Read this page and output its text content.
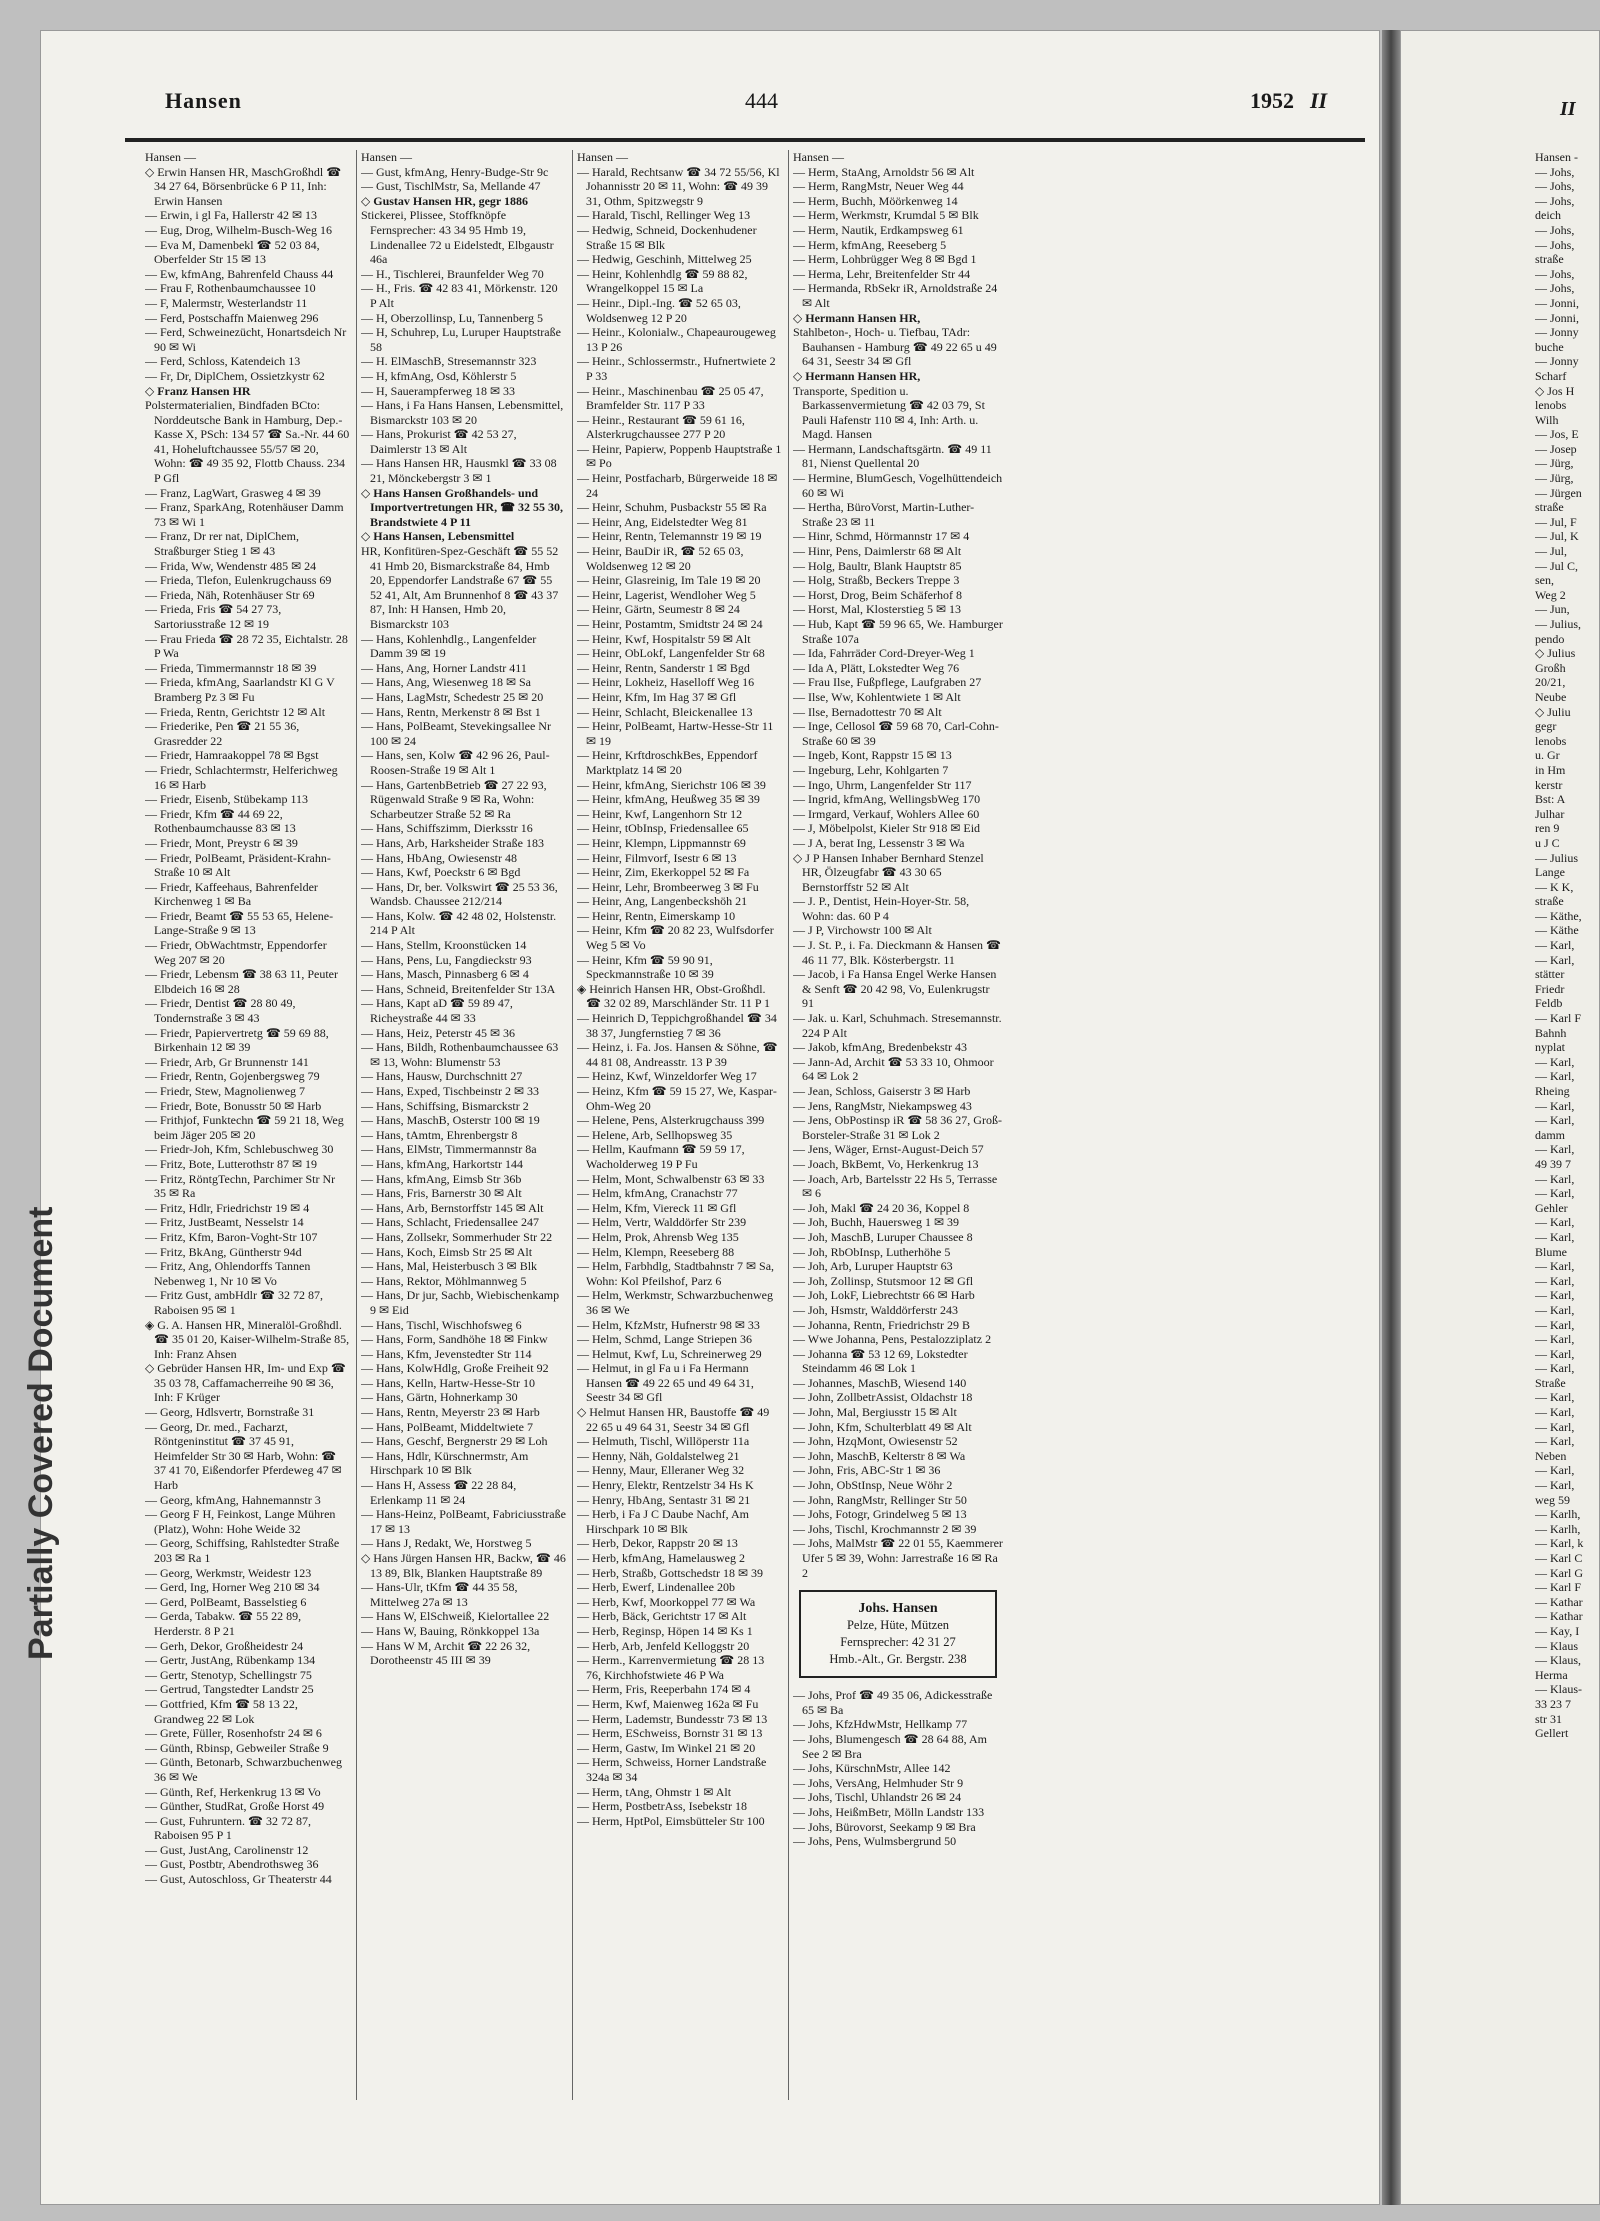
Partially Covered Document
Hansen	444	1952 II
Hansen —
◇ Erwin Hansen HR, MaschGroßhdl ☎ 34 27 64, Börsenbrücke 6 P 11, Inh: Erwin Hansen
— Erwin, i gl Fa, Hallerstr 42 ✉ 13
— Eug, Drog, Wilhelm-Busch-Weg 16
— Eva M, Damenbekl ☎ 52 03 84, Oberfelder Str 15 ✉ 13
— Ew, kfmAng, Bahrenfeld Chauss 44
— Frau F, Rothenbaumchaussee 10
— F, Malermstr, Westerlandstr 11
— Ferd, Postschaffn Maienweg 296
— Ferd, Schweinezücht, Honartsdeich Nr 90 ✉ Wi
— Ferd, Schloss, Katendeich 13
— Fr, Dr, DiplChem, Ossietzkystr 62
◇ Franz Hansen HR
Polstermaterialien, Bindfaden BCto: Norddeutsche Bank in Hamburg, Dep.-Kasse X, PSch: 134 57 ☎ Sa.-Nr. 44 60 41, Hoheluftchaussee 55/57 ✉ 20, Wohn: ☎ 49 35 92, Flottb Chauss. 234 P Gfl
— Franz, LagWart, Grasweg 4 ✉ 39
— Franz, SparkAng, Rotenhäuser Damm 73 ✉ Wi 1
— Franz, Dr rer nat, DiplChem, Straßburger Stieg 1 ✉ 43
— Frida, Ww, Wendenstr 485 ✉ 24
— Frieda, Tlefon, Eulenkrugchauss 69
— Frieda, Näh, Rotenhäuser Str 69
— Frieda, Fris ☎ 54 27 73, Sartoriusstraße 12 ✉ 19
— Frau Frieda ☎ 28 72 35, Eichtalstr. 28 P Wa
— Frieda, Timmermannstr 18 ✉ 39
— Frieda, kfmAng, Saarlandstr Kl G V Bramberg Pz 3 ✉ Fu
— Frieda, Rentn, Gerichtstr 12 ✉ Alt
— Friederike, Pen ☎ 21 55 36, Grasredder 22
— Friedr, Hamraakoppel 78 ✉ Bgst
— Friedr, Schlachtermstr, Helferichweg 16 ✉ Harb
— Friedr, Eisenb, Stübekamp 113
— Friedr, Kfm ☎ 44 69 22, Rothenbaumchausse 83 ✉ 13
— Friedr, Mont, Preystr 6 ✉ 39
— Friedr, PolBeamt, Präsident-Krahn-Straße 10 ✉ Alt
— Friedr, Kaffeehaus, Bahrenfelder Kirchenweg 1 ✉ Ba
— Friedr, Beamt ☎ 55 53 65, Helene-Lange-Straße 9 ✉ 13
— Friedr, ObWachtmstr, Eppendorfer Weg 207 ✉ 20
— Friedr, Lebensm ☎ 38 63 11, Peuter Elbdeich 16 ✉ 28
— Friedr, Dentist ☎ 28 80 49, Tondernstraße 3 ✉ 43
— Friedr, Papiervertretg ☎ 59 69 88, Birkenhain 12 ✉ 39
— Friedr, Arb, Gr Brunnenstr 141
— Friedr, Rentn, Gojenbergsweg 79
— Friedr, Stew, Magnolienweg 7
— Friedr, Bote, Bonusstr 50 ✉ Harb
— Frithjof, Funktechn ☎ 59 21 18, Weg beim Jäger 205 ✉ 20
— Friedr-Joh, Kfm, Schlebuschweg 30
— Fritz, Bote, Lutterothstr 87 ✉ 19
— Fritz, RöntgTechn, Parchimer Str Nr 35 ✉ Ra
— Fritz, Hdlr, Friedrichstr 19 ✉ 4
— Fritz, JustBeamt, Nesselstr 14
— Fritz, Kfm, Baron-Voght-Str 107
— Fritz, BkAng, Güntherstr 94d
— Fritz, Ang, Ohlendorffs Tannen Nebenweg 1, Nr 10 ✉ Vo
— Fritz Gust, ambHdlr ☎ 32 72 87, Raboisen 95 ✉ 1
◈ G. A. Hansen HR, Mineralöl-Großhdl. ☎ 35 01 20, Kaiser-Wilhelm-Straße 85, Inh: Franz Ahsen
◇ Gebrüder Hansen HR, Im- und Exp ☎ 35 03 78, Caffamacherreihe 90 ✉ 36, Inh: F Krüger
— Georg, Hdlsvertr, Bornstraße 31
— Georg, Dr. med., Facharzt, Röntgeninstitut ☎ 37 45 91, Heimfelder Str 30 ✉ Harb, Wohn: ☎ 37 41 70, Eißendorfer Pferdeweg 47 ✉ Harb
— Georg, kfmAng, Hahnemannstr 3
— Georg F H, Feinkost, Lange Mühren (Platz), Wohn: Hohe Weide 32
— Georg, Schiffsing, Rahlstedter Straße 203 ✉ Ra 1
— Georg, Werkmstr, Weidestr 123
— Gerd, Ing, Horner Weg 210 ✉ 34
— Gerd, PolBeamt, Basselstieg 6
— Gerda, Tabakw. ☎ 55 22 89, Herderstr. 8 P 21
— Gerh, Dekor, Großheidestr 24
— Gertr, JustAng, Rübenkamp 134
— Gertr, Stenotyp, Schellingstr 75
— Gertrud, Tangstedter Landstr 25
— Gottfried, Kfm ☎ 58 13 22, Grandweg 22 ✉ Lok
— Grete, Füller, Rosenhofstr 24 ✉ 6
— Günth, Rbinsp, Gebweiler Straße 9
— Günth, Betonarb, Schwarzbuchenweg 36 ✉ We
— Günth, Ref, Herkenkrug 13 ✉ Vo
— Günther, StudRat, Große Horst 49
— Gust, Fuhruntern. ☎ 32 72 87, Raboisen 95 P 1
— Gust, JustAng, Carolinenstr 12
— Gust, Postbtr, Abendrothsweg 36
— Gust, Autoschloss, Gr Theaterstr 44
Hansen —
— Gust, kfmAng, Henry-Budge-Str 9c
— Gust, TischlMstr, Sa, Mellande 47
◇ Gustav Hansen HR, gegr 1886
Stickerei, Plissee, Stoffknöpfe Fernsprecher: 43 34 95 Hmb 19, Lindenallee 72 u Eidelstedt, Elbgaustr 46a
— H., Tischlerei, Braunfelder Weg 70
— H., Fris. ☎ 42 83 41, Mörkenstr. 120 P Alt
— H, Oberzollinsp, Lu, Tannenberg 5
— H, Schuhrep, Lu, Luruper Hauptstraße 58
— H. ElMaschB, Stresemannstr 323
— H, kfmAng, Osd, Köhlerstr 5
— H, Sauerampferweg 18 ✉ 33
— Hans, i Fa Hans Hansen, Lebensmittel, Bismarckstr 103 ✉ 20
— Hans, Prokurist ☎ 42 53 27, Daimlerstr 13 ✉ Alt
— Hans Hansen HR, Hausmkl ☎ 33 08 21, Mönckebergstr 3 ✉ 1
◇ Hans Hansen Großhandels- und Importvertretungen HR, ☎ 32 55 30, Brandstwiete 4 P 11
◇ Hans Hansen, Lebensmittel
HR, Konfitüren-Spez-Geschäft ☎ 55 52 41 Hmb 20, Bismarckstraße 84, Hmb 20, Eppendorfer Landstraße 67 ☎ 55 52 41, Alt, Am Brunnenhof 8 ☎ 43 37 87, Inh: H Hansen, Hmb 20, Bismarckstr 103
— Hans, Kohlenhdlg., Langenfelder Damm 39 ✉ 19
— Hans, Ang, Horner Landstr 411
— Hans, Ang, Wiesenweg 18 ✉ Sa
— Hans, LagMstr, Schedestr 25 ✉ 20
— Hans, Rentn, Merkenstr 8 ✉ Bst 1
— Hans, PolBeamt, Stevekingsallee Nr 100 ✉ 24
— Hans, sen, Kolw ☎ 42 96 26, Paul-Roosen-Straße 19 ✉ Alt 1
— Hans, GartenbBetrieb ☎ 27 22 93, Rügenwald Straße 9 ✉ Ra, Wohn: Scharbeutzer Straße 52 ✉ Ra
— Hans, Schiffszimm, Dierksstr 16
— Hans, Arb, Harksheider Straße 183
— Hans, HbAng, Owiesenstr 48
— Hans, Kwf, Poeckstr 6 ✉ Bgd
— Hans, Dr, ber. Volkswirt ☎ 25 53 36, Wandsb. Chaussee 212/214
— Hans, Kolw. ☎ 42 48 02, Holstenstr. 214 P Alt
— Hans, Stellm, Kroonstücken 14
— Hans, Pens, Lu, Fangdieckstr 93
— Hans, Masch, Pinnasberg 6 ✉ 4
— Hans, Schneid, Breitenfelder Str 13A
— Hans, Kapt aD ☎ 59 89 47, Richeystraße 44 ✉ 33
— Hans, Heiz, Peterstr 45 ✉ 36
— Hans, Bildh, Rothenbaumchaussee 63 ✉ 13, Wohn: Blumenstr 53
— Hans, Hausw, Durchschnitt 27
— Hans, Exped, Tischbeinstr 2 ✉ 33
— Hans, Schiffsing, Bismarckstr 2
— Hans, MaschB, Osterstr 100 ✉ 19
— Hans, tAmtm, Ehrenbergstr 8
— Hans, ElMstr, Timmermannstr 8a
— Hans, kfmAng, Harkortstr 144
— Hans, kfmAng, Eimsb Str 36b
— Hans, Fris, Barnerstr 30 ✉ Alt
— Hans, Arb, Bernstorffstr 145 ✉ Alt
— Hans, Schlacht, Friedensallee 247
— Hans, Zollsekr, Sommerhuder Str 22
— Hans, Koch, Eimsb Str 25 ✉ Alt
— Hans, Mal, Heisterbusch 3 ✉ Blk
— Hans, Rektor, Möhlmannweg 5
— Hans, Dr jur, Sachb, Wiebischenkamp 9 ✉ Eid
— Hans, Tischl, Wischhofsweg 6
— Hans, Form, Sandhöhe 18 ✉ Finkw
— Hans, Kfm, Jevenstedter Str 114
— Hans, KolwHdlg, Große Freiheit 92
— Hans, Kelln, Hartw-Hesse-Str 10
— Hans, Gärtn, Hohnerkamp 30
— Hans, Rentn, Meyerstr 23 ✉ Harb
— Hans, PolBeamt, Middeltwiete 7
— Hans, Geschf, Bergnerstr 29 ✉ Loh
— Hans, Hdlr, Kürschnermstr, Am Hirschpark 10 ✉ Blk
— Hans H, Assess ☎ 22 28 84, Erlenkamp 11 ✉ 24
— Hans-Heinz, PolBeamt, Fabriciusstraße 17 ✉ 13
— Hans J, Redakt, We, Horstweg 5
◇ Hans Jürgen Hansen HR, Backw, ☎ 46 13 89, Blk, Blanken Hauptstraße 89
— Hans-Ulr, tKfm ☎ 44 35 58, Mittelweg 27a ✉ 13
— Hans W, ElSchweiß, Kielortallee 22
— Hans W, Bauing, Rönkkoppel 13a
— Hans W M, Archit ☎ 22 26 32, Dorotheenstr 45 III ✉ 39
Hansen —
— Harald, Rechtsanw ☎ 34 72 55/56, Kl Johannisstr 20 ✉ 11, Wohn: ☎ 49 39 31, Othm, Spitzwegstr 9
— Harald, Tischl, Rellinger Weg 13
— Hedwig, Schneid, Dockenhudener Straße 15 ✉ Blk
— Hedwig, Geschinh, Mittelweg 25
— Heinr, Kohlenhdlg ☎ 59 88 82, Wrangelkoppel 15 ✉ La
— Heinr., Dipl.-Ing. ☎ 52 65 03, Woldsenweg 12 P 20
— Heinr., Kolonialw., Chapeaurougeweg 13 P 26
— Heinr., Schlossermstr., Hufnertwiete 2 P 33
— Heinr., Maschinenbau ☎ 25 05 47, Bramfelder Str. 117 P 33
— Heinr., Restaurant ☎ 59 61 16, Alsterkrugchaussee 277 P 20
— Heinr, Papierw, Poppenb Hauptstraße 1 ✉ Po
— Heinr, Postfacharb, Bürgerweide 18 ✉ 24
— Heinr, Schuhm, Pusbackstr 55 ✉ Ra
— Heinr, Ang, Eidelstedter Weg 81
— Heinr, Rentn, Telemannstr 19 ✉ 19
— Heinr, BauDir iR, ☎ 52 65 03, Woldsenweg 12 ✉ 20
— Heinr, Glasreinig, Im Tale 19 ✉ 20
— Heinr, Lagerist, Wendloher Weg 5
— Heinr, Gärtn, Seumestr 8 ✉ 24
— Heinr, Postamtm, Smidtstr 24 ✉ 24
— Heinr, Kwf, Hospitalstr 59 ✉ Alt
— Heinr, ObLokf, Langenfelder Str 68
— Heinr, Rentn, Sanderstr 1 ✉ Bgd
— Heinr, Lokheiz, Haselloff Weg 16
— Heinr, Kfm, Im Hag 37 ✉ Gfl
— Heinr, Schlacht, Bleickenallee 13
— Heinr, PolBeamt, Hartw-Hesse-Str 11 ✉ 19
— Heinr, KrftdroschkBes, Eppendorf Marktplatz 14 ✉ 20
— Heinr, kfmAng, Sierichstr 106 ✉ 39
— Heinr, kfmAng, Heußweg 35 ✉ 39
— Heinr, Kwf, Langenhorn Str 12
— Heinr, tObInsp, Friedensallee 65
— Heinr, Klempn, Lippmannstr 69
— Heinr, Filmvorf, Isestr 6 ✉ 13
— Heinr, Zim, Ekerkoppel 52 ✉ Fa
— Heinr, Lehr, Brombeerweg 3 ✉ Fu
— Heinr, Ang, Langenbeckshöh 21
— Heinr, Rentn, Eimerskamp 10
— Heinr, Kfm ☎ 20 82 23, Wulfsdorfer Weg 5 ✉ Vo
— Heinr, Kfm ☎ 59 90 91, Speckmannstraße 10 ✉ 39
◈ Heinrich Hansen HR, Obst-Großhdl. ☎ 32 02 89, Marschländer Str. 11 P 1
— Heinrich D, Teppichgroßhandel ☎ 34 38 37, Jungfernstieg 7 ✉ 36
— Heinz, i. Fa. Jos. Hansen & Söhne, ☎ 44 81 08, Andreasstr. 13 P 39
— Heinz, Kwf, Winzeldorfer Weg 17
— Heinz, Kfm ☎ 59 15 27, We, Kaspar-Ohm-Weg 20
— Helene, Pens, Alsterkrugchauss 399
— Helene, Arb, Sellhopsweg 35
— Hellm, Kaufmann ☎ 59 59 17, Wacholderweg 19 P Fu
— Helm, Mont, Schwalbenstr 63 ✉ 33
— Helm, kfmAng, Cranachstr 77
— Helm, Kfm, Viereck 11 ✉ Gfl
— Helm, Vertr, Walddörfer Str 239
— Helm, Prok, Ahrensb Weg 135
— Helm, Klempn, Reeseberg 88
— Helm, Farbhdlg, Stadtbahnstr 7 ✉ Sa, Wohn: Kol Pfeilshof, Parz 6
— Helm, Werkmstr, Schwarzbuchenweg 36 ✉ We
— Helm, KfzMstr, Hufnerstr 98 ✉ 33
— Helm, Schmd, Lange Striepen 36
— Helmut, Kwf, Lu, Schreinerweg 29
— Helmut, in gl Fa u i Fa Hermann Hansen ☎ 49 22 65 und 49 64 31, Seestr 34 ✉ Gfl
◇ Helmut Hansen HR, Baustoffe ☎ 49 22 65 u 49 64 31, Seestr 34 ✉ Gfl
— Helmuth, Tischl, Willöperstr 11a
— Henny, Näh, Goldalstelweg 21
— Henny, Maur, Elleraner Weg 32
— Henry, Elektr, Rentzelstr 34 Hs K
— Henry, HbAng, Sentastr 31 ✉ 21
— Herb, i Fa J C Daube Nachf, Am Hirschpark 10 ✉ Blk
— Herb, Dekor, Rappstr 20 ✉ 13
— Herb, kfmAng, Hamelausweg 2
— Herb, Straßb, Gottschedstr 18 ✉ 39
— Herb, Ewerf, Lindenallee 20b
— Herb, Kwf, Moorkoppel 77 ✉ Wa
— Herb, Bäck, Gerichtstr 17 ✉ Alt
— Herb, Reginsp, Höpen 14 ✉ Ks 1
— Herb, Arb, Jenfeld Kelloggstr 20
— Herm., Karrenvermietung ☎ 28 13 76, Kirchhofstwiete 46 P Wa
— Herm, Fris, Reeperbahn 174 ✉ 4
— Herm, Kwf, Maienweg 162a ✉ Fu
— Herm, Lademstr, Bundesstr 73 ✉ 13
— Herm, ESchweiss, Bornstr 31 ✉ 13
— Herm, Gastw, Im Winkel 21 ✉ 20
— Herm, Schweiss, Horner Landstraße 324a ✉ 34
— Herm, tAng, Ohmstr 1 ✉ Alt
— Herm, PostbetrAss, Isebekstr 18
— Herm, HptPol, Eimsbütteler Str 100
Hansen —
— Herm, StaAng, Arnoldstr 56 ✉ Alt
— Herm, RangMstr, Neuer Weg 44
— Herm, Buchh, Möörkenweg 14
— Herm, Werkmstr, Krumdal 5 ✉ Blk
— Herm, Nautik, Erdkampsweg 61
— Herm, kfmAng, Reeseberg 5
— Herm, Lohbrügger Weg 8 ✉ Bgd 1
— Herma, Lehr, Breitenfelder Str 44
— Hermanda, RbSekr iR, Arnoldstraße 24 ✉ Alt
◇ Hermann Hansen HR,
Stahlbeton-, Hoch- u. Tiefbau, TAdr: Bauhansen - Hamburg ☎ 49 22 65 u 49 64 31, Seestr 34 ✉ Gfl
◇ Hermann Hansen HR,
Transporte, Spedition u. Barkassenvermietung ☎ 42 03 79, St Pauli Hafenstr 110 ✉ 4, Inh: Arth. u. Magd. Hansen
— Hermann, Landschaftsgärtn. ☎ 49 11 81, Nienst Quellental 20
— Hermine, BlumGesch, Vogelhüttendeich 60 ✉ Wi
— Hertha, BüroVorst, Martin-Luther-Straße 23 ✉ 11
— Hinr, Schmd, Hörmannstr 17 ✉ 4
— Hinr, Pens, Daimlerstr 68 ✉ Alt
— Holg, Baultr, Blank Hauptstr 85
— Holg, Straßb, Beckers Treppe 3
— Horst, Drog, Beim Schäferhof 8
— Horst, Mal, Klosterstieg 5 ✉ 13
— Hub, Kapt ☎ 59 96 65, We. Hamburger Straße 107a
— Ida, Fahrräder Cord-Dreyer-Weg 1
— Ida A, Plätt, Lokstedter Weg 76
— Frau Ilse, Fußpflege, Laufgraben 27
— Ilse, Ww, Kohlentwiete 1 ✉ Alt
— Ilse, Bernadottestr 70 ✉ Alt
— Inge, Cellosol ☎ 59 68 70, Carl-Cohn-Straße 60 ✉ 39
— Ingeb, Kont, Rappstr 15 ✉ 13
— Ingeburg, Lehr, Kohlgarten 7
— Ingo, Uhrm, Langenfelder Str 117
— Ingrid, kfmAng, WellingsbWeg 170
— Irmgard, Verkauf, Wohlers Allee 60
— J, Möbelpolst, Kieler Str 918 ✉ Eid
— J A, berat Ing, Lessenstr 3 ✉ Wa
◇ J P Hansen Inhaber Bernhard Stenzel HR, Ölzeugfabr ☎ 43 30 65 Bernstorffstr 52 ✉ Alt
— J. P., Dentist, Hein-Hoyer-Str. 58, Wohn: das. 60 P 4
— J P, Virchowstr 100 ✉ Alt
— J. St. P., i. Fa. Dieckmann & Hansen ☎ 46 11 77, Blk. Kösterbergstr. 11
— Jacob, i Fa Hansa Engel Werke Hansen & Senft ☎ 20 42 98, Vo, Eulenkrugstr 91
— Jak. u. Karl, Schuhmach. Stresemannstr. 224 P Alt
— Jakob, kfmAng, Bredenbekstr 43
— Jann-Ad, Archit ☎ 53 33 10, Ohmoor 64 ✉ Lok 2
— Jean, Schloss, Gaiserstr 3 ✉ Harb
— Jens, RangMstr, Niekampsweg 43
— Jens, ObPostinsp iR ☎ 58 36 27, Groß-Borsteler-Straße 31 ✉ Lok 2
— Jens, Wäger, Ernst-August-Deich 57
— Joach, BkBemt, Vo, Herkenkrug 13
— Joach, Arb, Bartelsstr 22 Hs 5, Terrasse ✉ 6
— Joh, Makl ☎ 24 20 36, Koppel 8
— Joh, Buchh, Hauersweg 1 ✉ 39
— Joh, MaschB, Luruper Chaussee 8
— Joh, RbObInsp, Lutherhöhe 5
— Joh, Arb, Luruper Hauptstr 63
— Joh, Zollinsp, Stutsmoor 12 ✉ Gfl
— Joh, LokF, Liebrechtstr 66 ✉ Harb
— Joh, Hsmstr, Walddörferstr 243
— Johanna, Rentn, Friedrichstr 29 B
— Wwe Johanna, Pens, Pestalozziplatz 2
— Johanna ☎ 53 12 69, Lokstedter Steindamm 46 ✉ Lok 1
— Johannes, MaschB, Wiesend 140
— John, ZollbetrAssist, Oldachstr 18
— John, Mal, Bergiusstr 15 ✉ Alt
— John, Kfm, Schulterblatt 49 ✉ Alt
— John, HzqMont, Owiesenstr 52
— John, MaschB, Kelterstr 8 ✉ Wa
— John, Fris, ABC-Str 1 ✉ 36
— John, ObStInsp, Neue Wöhr 2
— John, RangMstr, Rellinger Str 50
— Johs, Fotogr, Grindelweg 5 ✉ 13
— Johs, Tischl, Krochmannstr 2 ✉ 39
— Johs, MalMstr ☎ 22 01 55, Kaemmerer Ufer 5 ✉ 39, Wohn: Jarrestraße 16 ✉ Ra 2
Johs. Hansen
Pelze, Hüte, Mützen
Fernsprecher: 42 31 27
Hmb.-Alt., Gr. Bergstr. 238
— Johs, Prof ☎ 49 35 06, Adickesstraße 65 ✉ Ba
— Johs, KfzHdwMstr, Hellkamp 77
— Johs, Blumengesch ☎ 28 64 88, Am See 2 ✉ Bra
— Johs, KürschnMstr, Allee 142
— Johs, VersAng, Helmhuder Str 9
— Johs, Tischl, Uhlandstr 26 ✉ 24
— Johs, HeißmBetr, Mölln Landstr 133
— Johs, Bürovorst, Seekamp 9 ✉ Bra
— Johs, Pens, Wulmsbergrund 50
II
Hansen -
— Johs,
— Johs,
— Johs,
deich
— Johs,
— Johs,
straße
— Johs,
— Johs,
— Jonni,
— Jonni,
— Jonny
buche
— Jonny
Scharf
◇ Jos H
lenobs
Wilh
— Jos, E
— Josep
— Jürg,
— Jürg,
— Jürgen
straße
— Jul, F
— Jul, K
— Jul,
— Jul C,
sen,
Weg 2
— Jun,
— Julius,
pendo
◇ Julius
Großh
20/21,
Neube
◇ Juliu
gegr
lenobs
u. Gr
in Hm
kerstr
Bst: A
Julhar
ren 9
u J C
— Julius
Lange
— K K,
straße
— Käthe,
— Käthe
— Karl,
— Karl,
stätter
Friedr
Feldb
— Karl F
Bahnh
nyplat
— Karl,
— Karl,
Rheing
— Karl,
— Karl,
damm
— Karl,
49 39 7
— Karl,
— Karl,
Gehler
— Karl,
— Karl,
Blume
— Karl,
— Karl,
— Karl,
— Karl,
— Karl,
— Karl,
— Karl,
— Karl,
Straße
— Karl,
— Karl,
— Karl,
— Karl,
Neben
— Karl,
— Karl,
weg 59
— Karlh,
— Karlh,
— Karl, k
— Karl C
— Karl G
— Karl F
— Kathar
— Kathar
— Kay, I
— Klaus
— Klaus,
Herma
— Klaus-
33 23 7
str 31
Gellert
